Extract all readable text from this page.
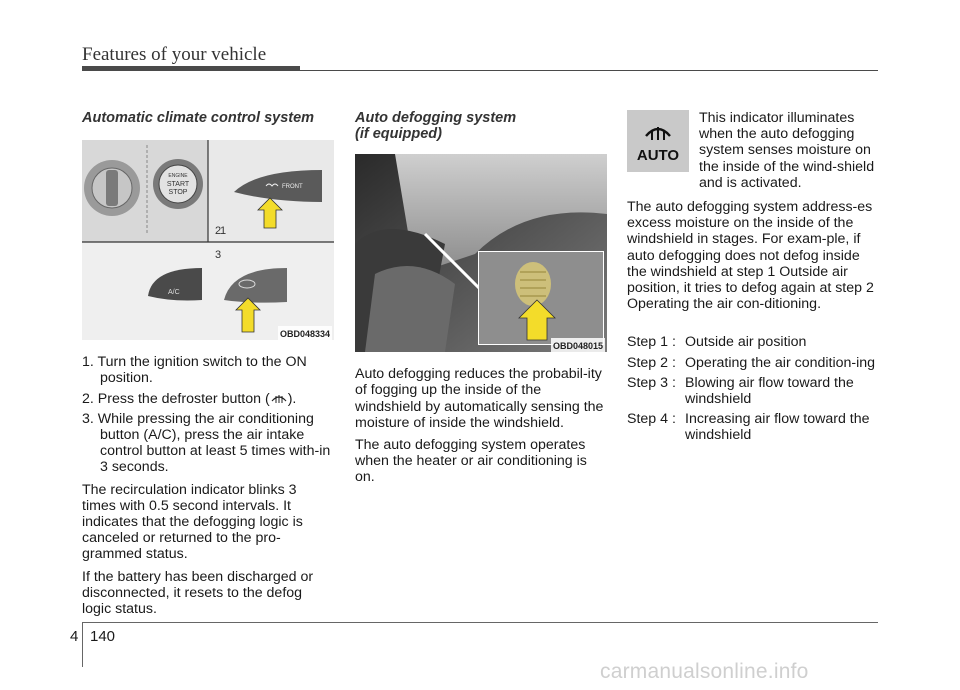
Features of your vehicle
Automatic climate control system
ENGINE
START
STOP
FRONT
1
3
2
A/C
OBD048334
1. Turn the ignition switch to the ON position.
2. Press the defroster button ( ).
3. While pressing the air conditioning button (A/C), press the air intake control button at least 5 times with-in 3 seconds.

The recirculation indicator blinks 3 times with 0.5 second intervals. It indicates that the defogging logic is canceled or returned to the pro-grammed status.

If the battery has been discharged or disconnected, it resets to the defog logic status.

Auto defogging system
(if equipped)
OBD048015

Auto defogging reduces the probabil-ity of fogging up the inside of the windshield by automatically sensing the moisture of inside the windshield.

The auto defogging system operates when the heater or air conditioning is on.

AUTO
This indicator illuminates when the auto defogging system senses moisture on the inside of the wind-shield and is activated.

The auto defogging system address-es excess moisture on the inside of the windshield in stages. For exam-ple, if auto defogging does not defog inside the windshield at step 1 Outside air position, it tries to defog again at step 2 Operating the air con-ditioning.

Step 1 : Outside air position
Step 2 : Operating the air condition-ing
Step 3 : Blowing air flow toward the windshield
Step 4 : Increasing air flow toward the windshield
4 140
carmanualsonline.info
